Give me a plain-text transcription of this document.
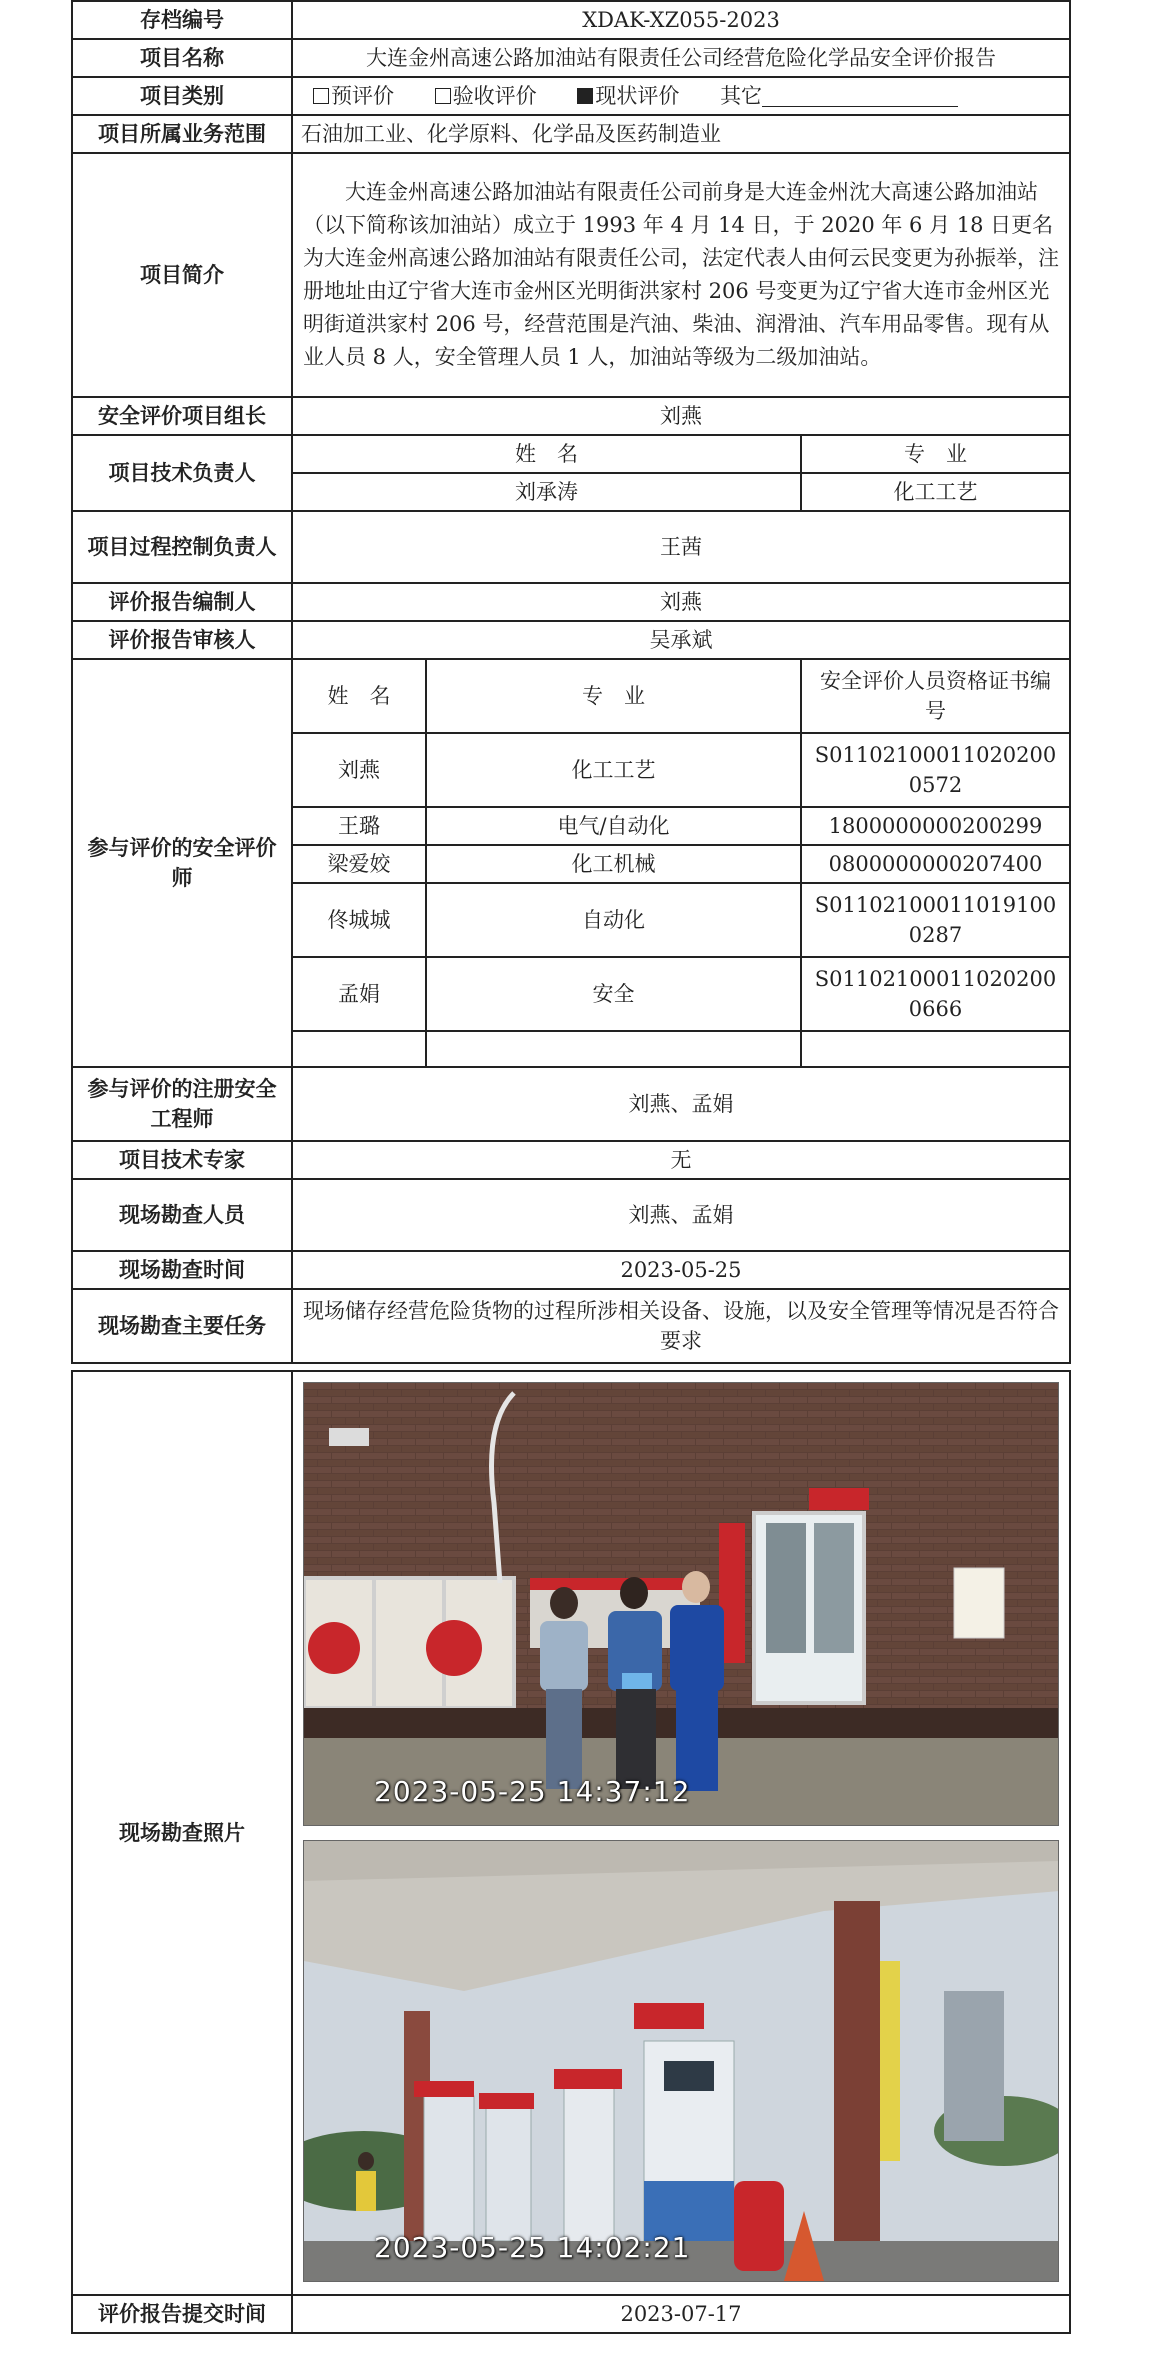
存档编号	XDAK-XZ055-2023		
项目名称	大连金州高速公路加油站有限责任公司经营危险化学品安全评价报告		
项目类别	预评价 验收评价 现状评价 其它		
项目所属业务范围	石油加工业、化学原料、化学品及医药制造业		
项目简介	大连金州高速公路加油站有限责任公司前身是大连金州沈大高速公路加油站（以下简称该加油站）成立于 1993 年 4 月 14 日，于 2020 年 6 月 18 日更名为大连金州高速公路加油站有限责任公司，法定代表人由何云民变更为孙振举，注册地址由辽宁省大连市金州区光明街洪家村 206 号变更为辽宁省大连市金州区光明街道洪家村 206 号，经营范围是汽油、柴油、润滑油、汽车用品零售。现有从业人员 8 人，安全管理人员 1 人，加油站等级为二级加油站。		
安全评价项目组长	刘燕		
项目技术负责人	姓　名		专　业
	刘承涛		化工工艺
项目过程控制负责人	王茜		
评价报告编制人	刘燕		
评价报告审核人	吴承斌		
参与评价的安全评价师	姓　名	专　业	安全评价人员资格证书编号
	刘燕	化工工艺	S011021000110202000572
	王璐	电气/自动化	1800000000200299
	梁爱姣	化工机械	0800000000207400
	佟城城	自动化	S011021000110191000287
	孟娟	安全	S011021000110202000666

参与评价的注册安全工程师	刘燕、孟娟		
项目技术专家	无		
现场勘查人员	刘燕、孟娟		
现场勘查时间	2023-05-25		
现场勘查主要任务	现场储存经营危险货物的过程所涉相关设备、设施，以及安全管理等情况是否符合要求		
现场勘查照片	2023-05-25 14:37:12
2023-05-25 14:02:21

评价报告提交时间	2023-07-17
